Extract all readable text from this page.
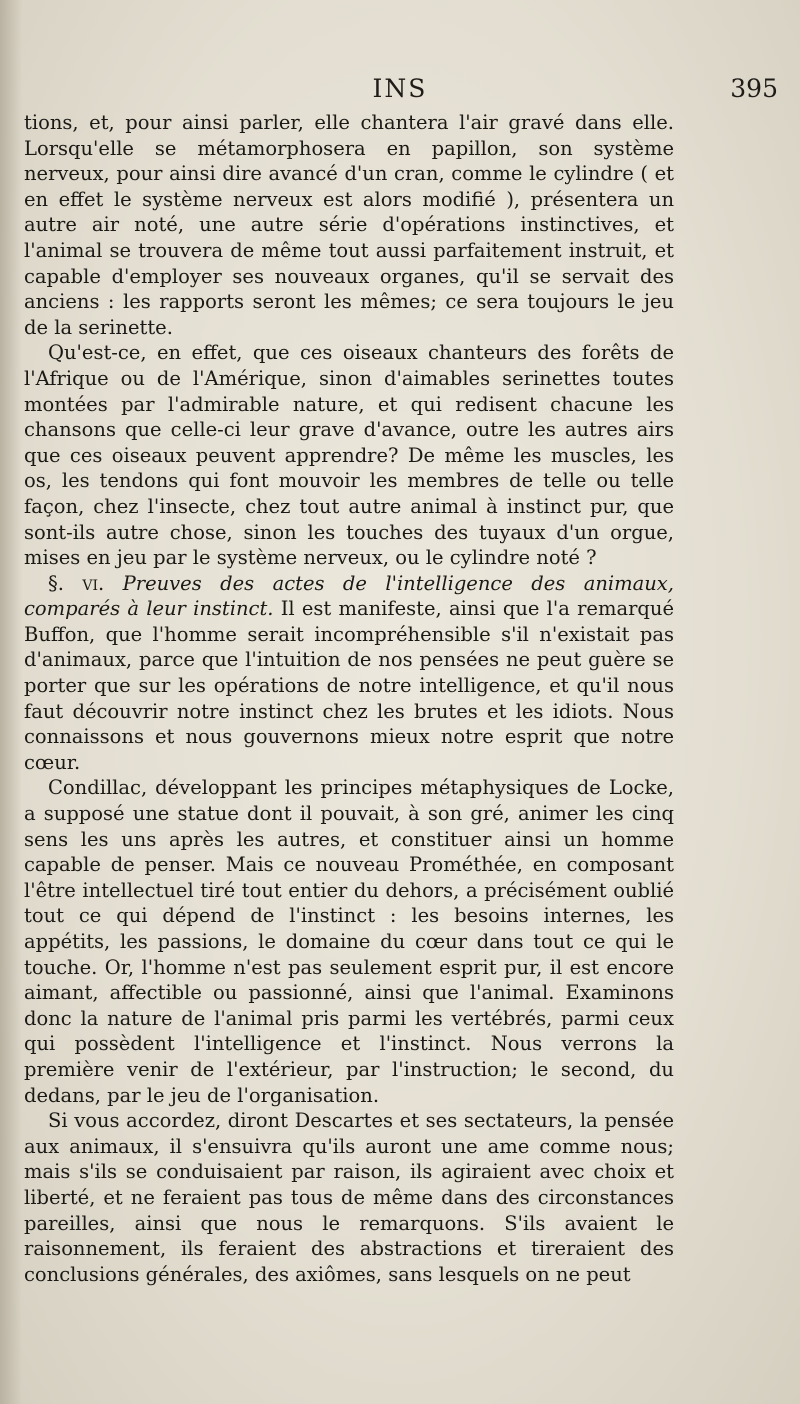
INS	395

tions, et, pour ainsi parler, elle chantera l'air gravé dans elle. Lorsqu'elle se métamorphosera en papillon, son système nerveux, pour ainsi dire avancé d'un cran, comme le cylindre ( et en effet le système nerveux est alors modifié ), présentera un autre air noté, une autre série d'opérations instinctives, et l'animal se trouvera de même tout aussi parfaitement instruit, et capable d'employer ses nouveaux organes, qu'il se servait des anciens : les rapports seront les mêmes; ce sera toujours le jeu de la serinette.

Qu'est-ce, en effet, que ces oiseaux chanteurs des forêts de l'Afrique ou de l'Amérique, sinon d'aimables serinettes toutes montées par l'admirable nature, et qui redisent chacune les chansons que celle-ci leur grave d'avance, outre les autres airs que ces oiseaux peuvent apprendre? De même les muscles, les os, les tendons qui font mouvoir les membres de telle ou telle façon, chez l'insecte, chez tout autre animal à instinct pur, que sont-ils autre chose, sinon les touches des tuyaux d'un orgue, mises en jeu par le système nerveux, ou le cylindre noté ?

§. vi. Preuves des actes de l'intelligence des animaux, comparés à leur instinct. Il est manifeste, ainsi que l'a remarqué Buffon, que l'homme serait incompréhensible s'il n'existait pas d'animaux, parce que l'intuition de nos pensées ne peut guère se porter que sur les opérations de notre intelligence, et qu'il nous faut découvrir notre instinct chez les brutes et les idiots. Nous connaissons et nous gouvernons mieux notre esprit que notre cœur.

Condillac, développant les principes métaphysiques de Locke, a supposé une statue dont il pouvait, à son gré, animer les cinq sens les uns après les autres, et constituer ainsi un homme capable de penser. Mais ce nouveau Prométhée, en composant l'être intellectuel tiré tout entier du dehors, a précisément oublié tout ce qui dépend de l'instinct : les besoins internes, les appétits, les passions, le domaine du cœur dans tout ce qui le touche. Or, l'homme n'est pas seulement esprit pur, il est encore aimant, affectible ou passionné, ainsi que l'animal. Examinons donc la nature de l'animal pris parmi les vertébrés, parmi ceux qui possèdent l'intelligence et l'instinct. Nous verrons la première venir de l'extérieur, par l'instruction; le second, du dedans, par le jeu de l'organisation.

Si vous accordez, diront Descartes et ses sectateurs, la pensée aux animaux, il s'ensuivra qu'ils auront une ame comme nous; mais s'ils se conduisaient par raison, ils agiraient avec choix et liberté, et ne feraient pas tous de même dans des circonstances pareilles, ainsi que nous le remarquons. S'ils avaient le raisonnement, ils feraient des abstractions et tireraient des conclusions générales, des axiômes, sans lesquels on ne peut
